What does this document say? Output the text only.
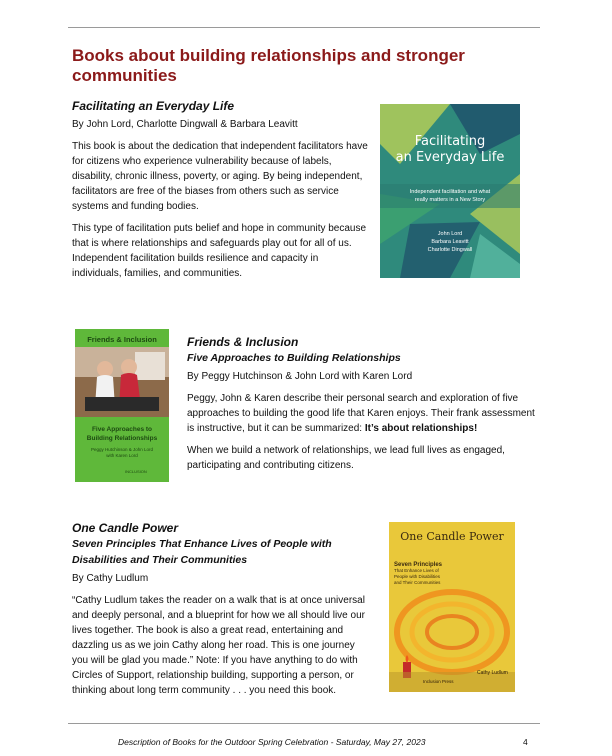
Books about building relationships and stronger communities

Facilitating an Everyday Life

By John Lord, Charlotte Dingwall & Barbara Leavitt

This book is about the dedication that independent facilitators have for citizens who experience vulnerability because of labels, disability, chronic illness, poverty, or aging. By being independent, facilitators are free of the biases from others such as service systems and funding bodies.

This type of facilitation puts belief and hope in community because that is where relationships and safeguards play out for all of us. Independent facilitation builds resilience and capacity in individuals, families, and communities.

Facilitating
an Everyday Life
Independent facilitation and what
really matters in a New Story
John Lord
Barbara Leavitt
Charlotte Dingwall
Friends & Inclusion
Five Approaches to
Building Relationships
Peggy Hutchinson & John Lord
with Karen Lord
INCLUSION

Friends & Inclusion

Five Approaches to Building Relationships

By Peggy Hutchinson & John Lord with Karen Lord

Peggy, John & Karen describe their personal search and exploration of five approaches to building the good life that Karen enjoys. Their frank assessment is instructive, but it can be summarized: It’s about relationships!

When we build a network of relationships, we lead full lives as engaged, participating and contributing citizens.

One Candle Power

Seven Principles That Enhance Lives of People with

Disabilities and Their Communities

By Cathy Ludlum

“Cathy Ludlum takes the reader on a walk that is at once universal and deeply personal, and a blueprint for how we all should live our lives together. The book is also a great read, entertaining and dazzling us as we join Cathy along her road. This is one journey you will be glad you made.” Note: If you have anything to do with Circles of Support, relationship building, supporting a person, or thinking about long term community . . . you need this book.

One Candle Power
Seven Principles
That Enhance Lives of
People with Disabilities
and Their Communities
Inclusion Press
Cathy Ludlum
Description of Books for the Outdoor Spring Celebration - Saturday, May 27, 2023	4
